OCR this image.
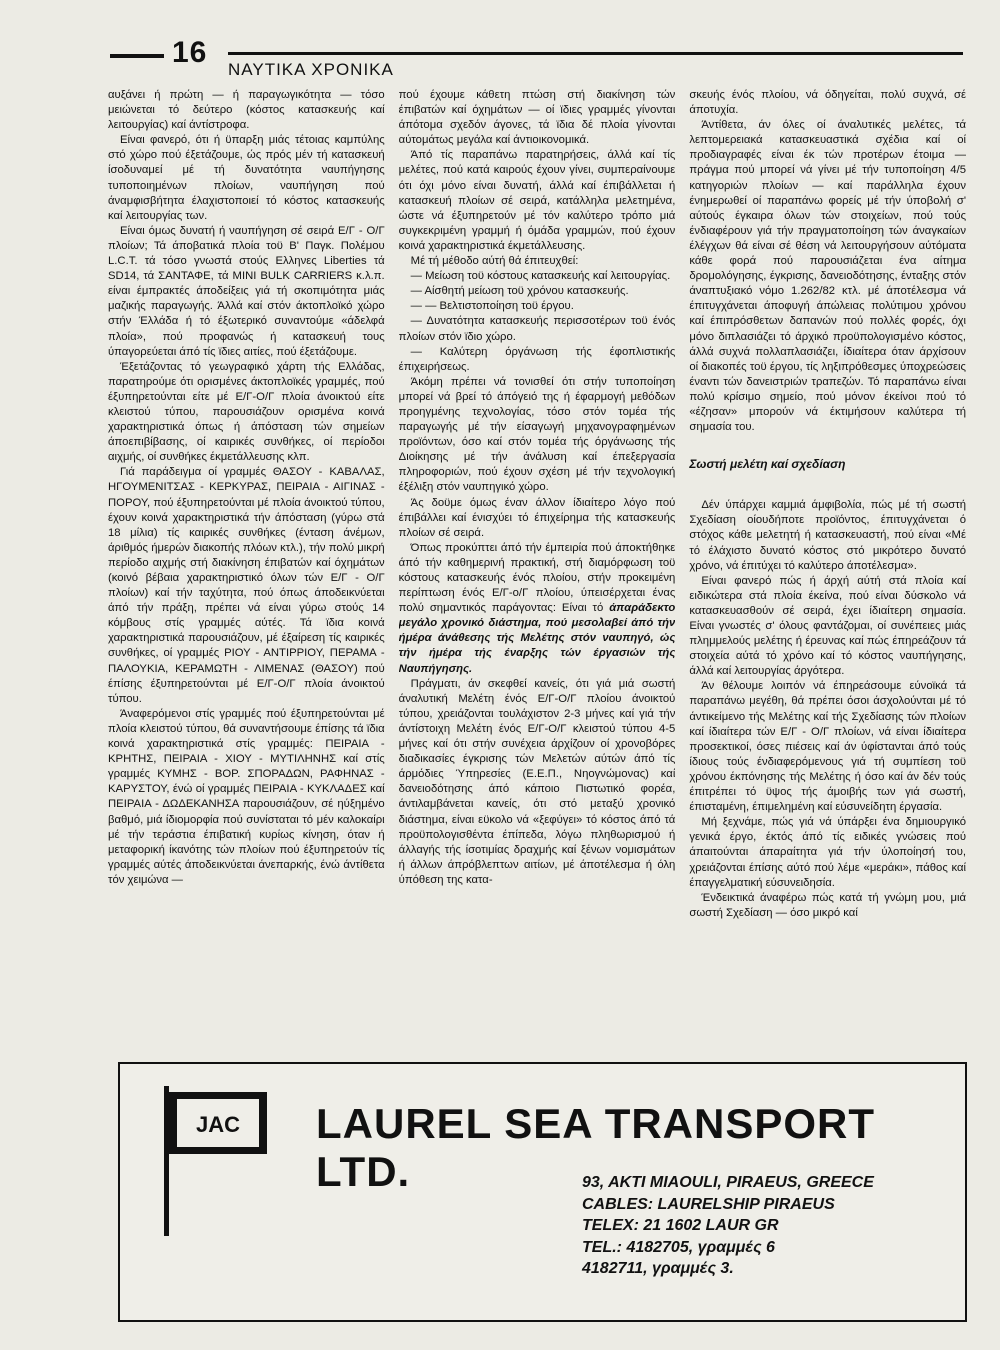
16
ΝΑΥΤΙΚΑ ΧΡΟΝΙΚΑ

αυξάνει ή πρώτη — ή παραγωγικότητα — τόσο μειώνεται τό δεύτερο (κόστος κατασκευής καί λειτουργίας) καί άντίστροφα.

Είναι φανερό, ότι ή ϋπαρξη μιάς τέτοιας καμπύλης στό χώρο πού έξετάζουμε, ώς πρός μέν τή κατασκευή ίσοδυναμεί μέ τή δυνατότητα ναυπήγησης τυποποιημένων πλοίων, ναυπήγηση πού άναμφισβήτητα έλαχιστοποιεί τό κόστος κατασκευής καί λειτουργίας των.

Είναι όμως δυνατή ή ναυπήγηση σέ σειρά Ε/Γ - Ο/Γ πλοίων; Τά άποβατικά πλοία τοϋ Β' Παγκ. Πολέμου L.C.T. τά τόσο γνωστά στούς Ελληνες Liberties τά SD14, τά ΣΑΝΤΑΦΕ, τά MINI BULK CARRIERS κ.λ.π. είναι έμπρακτές άποδείξεις γιά τή σκοπιμότητα μιάς μαζικής παραγωγής. Άλλά καί στόν άκτοπλοϊκό χώρο στήν Έλλάδα ή τό έξωτερικό συναντούμε «άδελφά πλοία», πού προφανώς ή κατασκευή τους ύπαγορεύεται άπό τίς ϊδιες αιτίες, πού έξετάζουμε.

Έξετάζοντας τό γεωγραφικό χάρτη τής Ελλάδας, παρατηρούμε ότι ορισμένες άκτοπλοϊκές γραμμές, πού έξυπηρετούνται είτε μέ Ε/Γ-Ο/Γ πλοία άνοικτού είτε κλειστού τύπου, παρουσιάζουν ορισμένα κοινά χαρακτηριστικά όπως ή άπόσταση τών σημείων άποεπιβίβασης, οί καιρικές συνθήκες, οί περίοδοι αιχμής, οί συνθήκες έκμετάλλευσης κλπ.

Γιά παράδειγμα οί γραμμές ΘΑΣΟΥ - ΚΑΒΑΛΑΣ, ΗΓΟΥΜΕΝΙΤΣΑΣ - ΚΕΡΚΥΡΑΣ, ΠΕΙΡΑΙΑ - ΑΙΓΙΝΑΣ - ΠΟΡΟΥ, πού έξυπηρετούνται μέ πλοία άνοικτού τύπου, έχουν κοινά χαρακτηριστικά τήν άπόσταση (γύρω στά 18 μίλια) τίς καιρικές συνθήκες (ένταση άνέμων, άριθμός ήμερών διακοπής πλόων κτλ.), τήν πολύ μικρή περίοδο αιχμής στή διακίνηση έπιβατών καί όχημάτων (κοινό βέβαια χαρακτηριστικό όλων τών Ε/Γ - Ο/Γ πλοίων) καί τήν ταχύτητα, πού όπως άποδεικνύεται άπό τήν πράξη, πρέπει νά είναι γύρω στούς 14 κόμβους στίς γραμμές αύτές. Τά ϊδια κοινά χαρακτηριστικά παρουσιάζουν, μέ έξαίρεση τίς καιρικές συνθήκες, οί γραμμές ΡΙΟΥ - ΑΝΤΙΡΡΙΟΥ, ΠΕΡΑΜΑ - ΠΑΛΟΥΚΙΑ, ΚΕΡΑΜΩΤΗ - ΛΙΜΕΝΑΣ (ΘΑΣΟΥ) πού έπίσης έξυπηρετούνται μέ Ε/Γ-Ο/Γ πλοία άνοικτού τύπου.

Άναφερόμενοι στίς γραμμές πού έξυπηρετούνται μέ πλοία κλειστού τύπου, θά συναντήσουμε έπίσης τά ϊδια κοινά χαρακτηριστικά στίς γραμμές: ΠΕΙΡΑΙΑ - ΚΡΗΤΗΣ, ΠΕΙΡΑΙΑ - ΧΙΟΥ - ΜΥΤΙΛΗΝΗΣ καί στίς γραμμές ΚΥΜΗΣ - ΒΟΡ. ΣΠΟΡΑΔΩΝ, ΡΑΦΗΝΑΣ - ΚΑΡΥΣΤΟΥ, ένώ οί γραμμές ΠΕΙΡΑΙΑ - ΚΥΚΛΑΔΕΣ καί ΠΕΙΡΑΙΑ - ΔΩΔΕΚΑΝΗΣΑ παρουσιάζουν, σέ ηύξημένο βαθμό, μιά ίδιομορφία πού συνίσταται τό μέν καλοκαίρι μέ τήν τεράστια έπιβατική κυρίως κίνηση, όταν ή μεταφορική ίκανότης τών πλοίων πού έξυπηρετούν τίς γραμμές αύτές άποδεικνύεται άνεπαρκής, ένώ άντίθετα τόν χειμώνα —

πού έχουμε κάθετη πτώση στή διακίνηση τών έπιβατών καί όχημάτων — οί ϊδιες γραμμές γίνονται άπότομα σχεδόν άγονες, τά ϊδια δέ πλοία γίνονται αύτομάτως μεγάλα καί άντιοικονομικά.

Άπό τίς παραπάνω παρατηρήσεις, άλλά καί τίς μελέτες, πού κατά καιρούς έχουν γίνει, συμπεραίνουμε ότι όχι μόνο είναι δυνατή, άλλά καί έπιβάλλεται ή κατασκευή πλοίων σέ σειρά, κατάλληλα μελετημένα, ώστε νά έξυπηρετούν μέ τόν καλύτερο τρόπο μιά συγκεκριμένη γραμμή ή όμάδα γραμμών, πού έχουν κοινά χαρακτηριστικά έκμετάλλευσης.

Μέ τή μέθοδο αύτή θά έπιτευχθεί:

— Μείωση τοϋ κόστους κατασκευής καί λειτουργίας.

— Αίσθητή μείωση τοϋ χρόνου κατασκευής.

— — Βελτιστοποίηση τοϋ έργου.

— Δυνατότητα κατασκευής περισσοτέρων τοϋ ένός πλοίων στόν ϊδιο χώρο.

— Καλύτερη όργάνωση τής έφοπλιστικής έπιχειρήσεως.

Άκόμη πρέπει νά τονισθεί ότι στήν τυποποίηση μπορεί νά βρεί τό άπόγειό της ή έφαρμογή μεθόδων προηγμένης τεχνολογίας, τόσο στόν τομέα τής παραγωγής μέ τήν είσαγωγή μηχανογραφημένων προϊόντων, όσο καί στόν τομέα τής όργάνωσης τής Διοίκησης μέ τήν άνάλυση καί έπεξεργασία πληροφοριών, πού έχουν σχέση μέ τήν τεχνολογική έξέλιξη στόν ναυπηγικό χώρο.

Άς δοϋμε όμως έναν άλλον ίδιαίτερο λόγο πού έπιβάλλει καί ένισχύει τό έπιχείρημα τής κατασκευής πλοίων σέ σειρά.

Όπως προκύπτει άπό τήν έμπειρία πού άποκτήθηκε άπό τήν καθημερινή πρακτική, στή διαμόρφωση τοϋ κόστους κατασκευής ένός πλοίου, στήν προκειμένη περίπτωση ένός Ε/Γ-ο/Γ πλοίου, ύπεισέρχεται ένας πολύ σημαντικός παράγοντας: Είναι τό άπαράδεκτο μεγάλο χρονικό διάστημα, πού μεσολαβεί άπό τήν ήμέρα άνάθεσης τής Μελέτης στόν ναυπηγό, ώς τήν ήμέρα τής έναρξης τών έργασιών τής Ναυπήγησης.

Πράγματι, άν σκεφθεί κανείς, ότι γιά μιά σωστή άναλυτική Μελέτη ένός Ε/Γ-Ο/Γ πλοίου άνοικτού τύπου, χρειάζονται τουλάχιστον 2-3 μήνες καί γιά τήν άντίστοιχη Μελέτη ένός Ε/Γ-Ο/Γ κλειστού τύπου 4-5 μήνες καί ότι στήν συνέχεια άρχίζουν οί χρονοβόρες διαδικασίες έγκρισης τών Μελετών αύτών άπό τίς άρμόδιες Ύπηρεσίες (Ε.Ε.Π., Νηογνώμονας) καί δανειοδότησης άπό κάποιο Πιστωτικό φορέα, άντιλαμβάνεται κανείς, ότι στό μεταξύ χρονικό διάστημα, είναι εϋκολο νά «ξεφύγει» τό κόστος άπό τά προϋπολογισθέντα έπίπεδα, λόγω πληθωρισμού ή άλλαγής τής ίσοτιμίας δραχμής καί ξένων νομισμάτων ή άλλων άπρόβλεπτων αιτίων, μέ άποτέλεσμα ή όλη ύπόθεση της κατα-

σκευής ένός πλοίου, νά όδηγείται, πολύ συχνά, σέ άποτυχία.

Άντίθετα, άν όλες οί άναλυτικές μελέτες, τά λεπτομερειακά κατασκευαστικά σχέδια καί οί προδιαγραφές είναι έκ τών προτέρων έτοιμα — πράγμα πού μπορεί νά γίνει μέ τήν τυποποίηση 4/5 κατηγοριών πλοίων — καί παράλληλα έχουν ένημερωθεί οί παραπάνω φορείς μέ τήν ύποβολή σ' αύτούς έγκαιρα όλων τών στοιχείων, πού τούς ένδιαφέρουν γιά τήν πραγματοποίηση τών άναγκαίων έλέγχων θά είναι σέ θέση νά λειτουργήσουν αύτόματα κάθε φορά πού παρουσιάζεται ένα αίτημα δρομολόγησης, έγκρισης, δανειοδότησης, ένταξης στόν άναπτυξιακό νόμο 1.262/82 κτλ. μέ άποτέλεσμα νά έπιτυγχάνεται άποφυγή άπώλειας πολύτιμου χρόνου καί έπιπρόσθετων δαπανών πού πολλές φορές, όχι μόνο διπλασιάζει τό άρχικό προϋπολογισμένο κόστος, άλλά συχνά πολλαπλασιάζει, ίδιαίτερα όταν άρχίσουν οί διακοπές τοϋ έργου, τίς ληξιπρόθεσμες ύποχρεώσεις έναντι τών δανειστριών τραπεζών. Τό παραπάνω είναι πολύ κρίσιμο σημείο, πού μόνον έκείνοι πού τό «έζησαν» μπορούν νά έκτιμήσουν καλύτερα τή σημασία του.

Σωστή μελέτη καί σχεδίαση

Δέν ύπάρχει καμμιά άμφιβολία, πώς μέ τή σωστή Σχεδίαση οίουδήποτε προϊόντος, έπιτυγχάνεται ό στόχος κάθε μελετητή ή κατασκευαστή, πού είναι «Μέ τό έλάχιστο δυνατό κόστος στό μικρότερο δυνατό χρόνο, νά έπιτύχει τό καλύτερο άποτέλεσμα».

Είναι φανερό πώς ή άρχή αύτή στά πλοία καί ειδικώτερα στά πλοία έκείνα, πού είναι δύσκολο νά κατασκευασθούν σέ σειρά, έχει ίδιαίτερη σημασία. Είναι γνωστές σ' όλους φαντάζομαι, οί συνέπειες μιάς πλημμελούς μελέτης ή έρευνας καί πώς έπηρεάζουν τά στοιχεία αύτά τό χρόνο καί τό κόστος ναυπήγησης, άλλά καί λειτουργίας άργότερα.

Άν θέλουμε λοιπόν νά έπηρεάσουμε εύνοϊκά τά παραπάνω μεγέθη, θά πρέπει όσοι άσχολούνται μέ τό άντικείμενο τής Μελέτης καί τής Σχεδίασης τών πλοίων καί ίδιαίτερα τών Ε/Γ - Ο/Γ πλοίων, νά είναι ίδιαίτερα προσεκτικοί, όσες πιέσεις καί άν ύφίστανται άπό τούς ίδιους τούς ένδιαφερόμενους γιά τή συμπίεση τοϋ χρόνου έκπόνησης τής Μελέτης ή όσο καί άν δέν τούς έπιτρέπει τό ϋψος τής άμοιβής των γιά σωστή, έπισταμένη, έπιμελημένη καί εύσυνείδητη έργασία.

Μή ξεχνάμε, πώς γιά νά ύπάρξει ένα δημιουργικό γενικά έργο, έκτός άπό τίς ειδικές γνώσεις πού άπαιτούνται άπαραίτητα γιά τήν ύλοποίησή του, χρειάζονται έπίσης αύτό πού λέμε «μεράκι», πάθος καί έπαγγελματική εύσυνειδησία.

Ένδεικτικά άναφέρω πώς κατά τή γνώμη μου, μιά σωστή Σχεδίαση — όσο μικρό καί

JAC LAUREL SEA TRANSPORT LTD.	93, AKTI MIAOULI, PIRAEUS, GREECE
CABLES: LAURELSHIP PIRAEUS
TELEX: 21 1602 LAUR GR
TEL.: 4182705, γραμμές 6
4182711, γραμμές 3.
